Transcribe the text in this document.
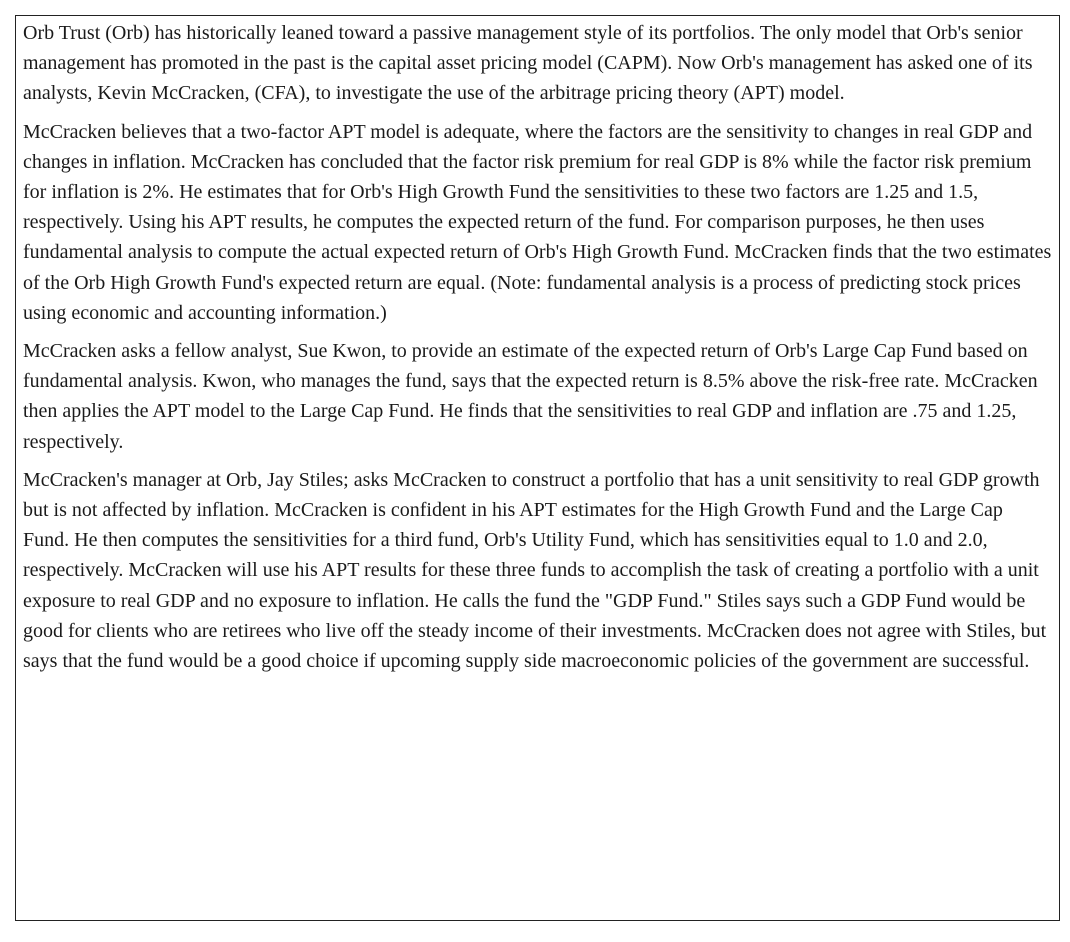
Orb Trust (Orb) has historically leaned toward a passive management style of its portfolios. The only model that Orb's senior management has promoted in the past is the capital asset pricing model (CAPM). Now Orb's management has asked one of its analysts, Kevin McCracken, (CFA), to investigate the use of the arbitrage pricing theory (APT) model.

McCracken believes that a two-factor APT model is adequate, where the factors are the sensitivity to changes in real GDP and changes in inflation. McCracken has concluded that the factor risk premium for real GDP is 8% while the factor risk premium for inflation is 2%. He estimates that for Orb's High Growth Fund the sensitivities to these two factors are 1.25 and 1.5, respectively. Using his APT results, he computes the expected return of the fund. For comparison purposes, he then uses fundamental analysis to compute the actual expected return of Orb's High Growth Fund. McCracken finds that the two estimates of the Orb High Growth Fund's expected return are equal. (Note: fundamental analysis is a process of predicting stock prices using economic and accounting information.)

McCracken asks a fellow analyst, Sue Kwon, to provide an estimate of the expected return of Orb's Large Cap Fund based on fundamental analysis. Kwon, who manages the fund, says that the expected return is 8.5% above the risk-free rate. McCracken then applies the APT model to the Large Cap Fund. He finds that the sensitivities to real GDP and inflation are .75 and 1.25, respectively.

McCracken's manager at Orb, Jay Stiles; asks McCracken to construct a portfolio that has a unit sensitivity to real GDP growth but is not affected by inflation. McCracken is confident in his APT estimates for the High Growth Fund and the Large Cap Fund. He then computes the sensitivities for a third fund, Orb's Utility Fund, which has sensitivities equal to 1.0 and 2.0, respectively. McCracken will use his APT results for these three funds to accomplish the task of creating a portfolio with a unit exposure to real GDP and no exposure to inflation. He calls the fund the "GDP Fund." Stiles says such a GDP Fund would be good for clients who are retirees who live off the steady income of their investments. McCracken does not agree with Stiles, but says that the fund would be a good choice if upcoming supply side macroeconomic policies of the government are successful.
